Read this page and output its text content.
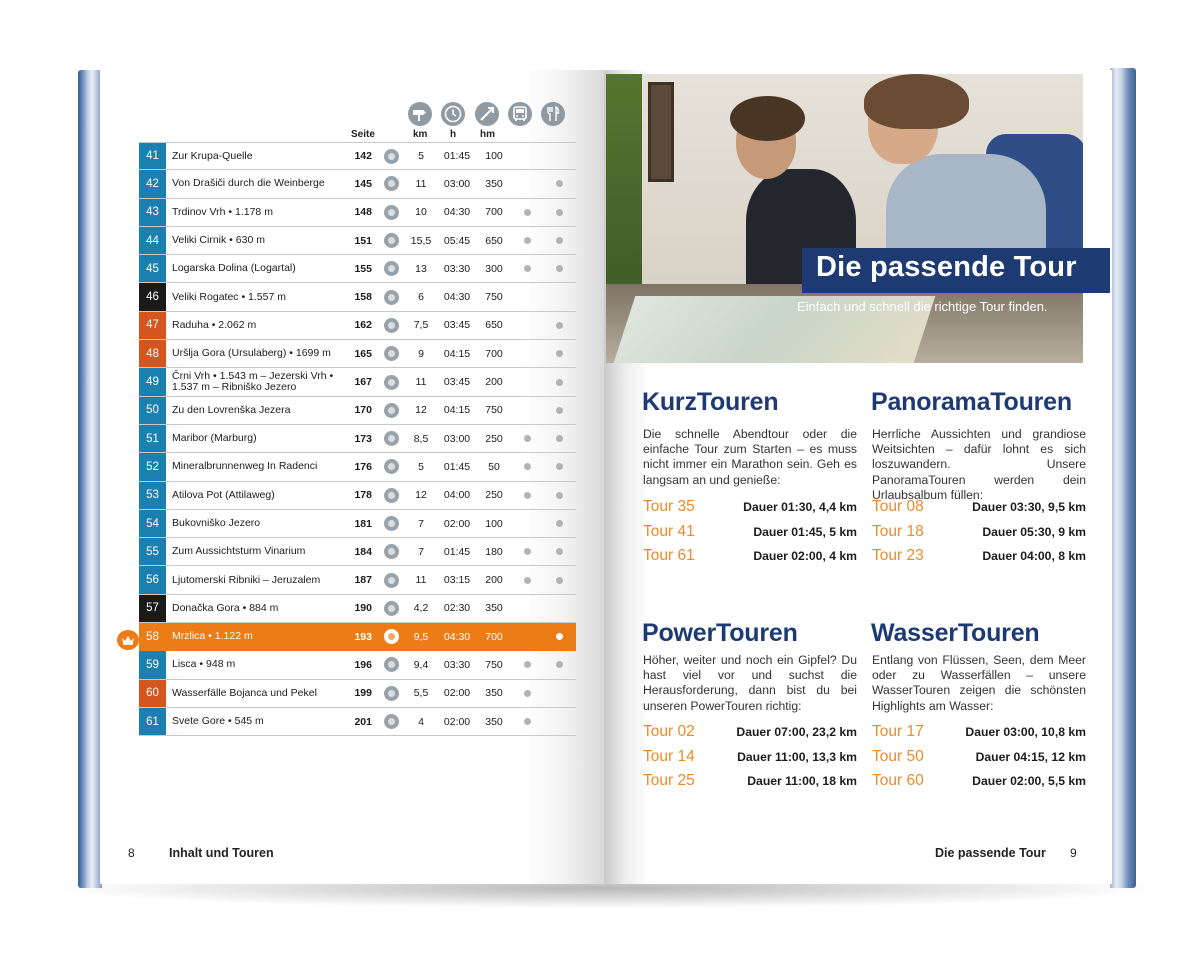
Seite	km h hm
41	Zur Krupa-Quelle	142	5	01:45	100
42	Von Drašiči durch die Weinberge	145	11	03:00	350
43	Trdinov Vrh • 1.178 m	148	10	04:30	700
44	Veliki Cirnik • 630 m	151	15,5 05:45	650
45	Logarska Dolina (Logartal)	155	13	03:30	300
46	Veliki Rogatec • 1.557 m	158	6	04:30	750
47	Raduha • 2.062 m	162	7,5	03:45	650
48	Uršlja Gora (Ursulaberg) • 1699 m	165	9	04:15	700
49	Črni Vrh • 1.543 m – Jezerski Vrh • 1.537 m – Ribniško Jezero	167	11	03:45	200
50	Zu den Lovrenška Jezera	170	12	04:15	750
51	Maribor (Marburg)	173	8,5	03:00	250
52	Mineralbrunnenweg In Radenci	176	5	01:45	50
53	Atilova Pot (Attilaweg)	178	12	04:00	250
54	Bukovniško Jezero	181	7	02:00	100
55	Zum Aussichtsturm Vinarium	184	7	01:45	180
56	Ljutomerski Ribniki – Jeruzalem	187	11	03:15	200
57	Donačka Gora • 884 m	190	4,2	02:30	350
58	Mrzlica • 1.122 m	193	9,5	04:30	700
59	Lisca • 948 m	196	9,4	03:30	750
60	Wasserfälle Bojanca und Pekel	199	5,5	02:00	350
61	Svete Gore • 545 m	201	4	02:00	350
8	Inhalt und Touren
Die passende Tour
Einfach und schnell die richtige Tour finden.
KurzTouren

Die schnelle Abendtour oder die einfache Tour zum Starten – es muss nicht immer ein Marathon sein. Geh es langsam an und genieße:

Tour 35	Dauer 01:30, 4,4 km
Tour 41	Dauer 01:45, 5 km
Tour 61	Dauer 02:00, 4 km
PanoramaTouren

Herrliche Aussichten und grandiose Weitsichten – dafür lohnt es sich loszuwandern. Unsere PanoramaTouren werden dein Urlaubsalbum füllen:

Tour 08	Dauer 03:30, 9,5 km
Tour 18	Dauer 05:30, 9 km
Tour 23	Dauer 04:00, 8 km
PowerTouren

Höher, weiter und noch ein Gipfel? Du hast viel vor und suchst die Herausforderung, dann bist du bei unseren PowerTouren richtig:

Tour 02	Dauer 07:00, 23,2 km
Tour 14	Dauer 11:00, 13,3 km
Tour 25	Dauer 11:00, 18 km
WasserTouren

Entlang von Flüssen, Seen, dem Meer oder zu Wasserfällen – unsere WasserTouren zeigen die schönsten Highlights am Wasser:

Tour 17	Dauer 03:00, 10,8 km
Tour 50	Dauer 04:15, 12 km
Tour 60	Dauer 02:00, 5,5 km
Die passende Tour 9
